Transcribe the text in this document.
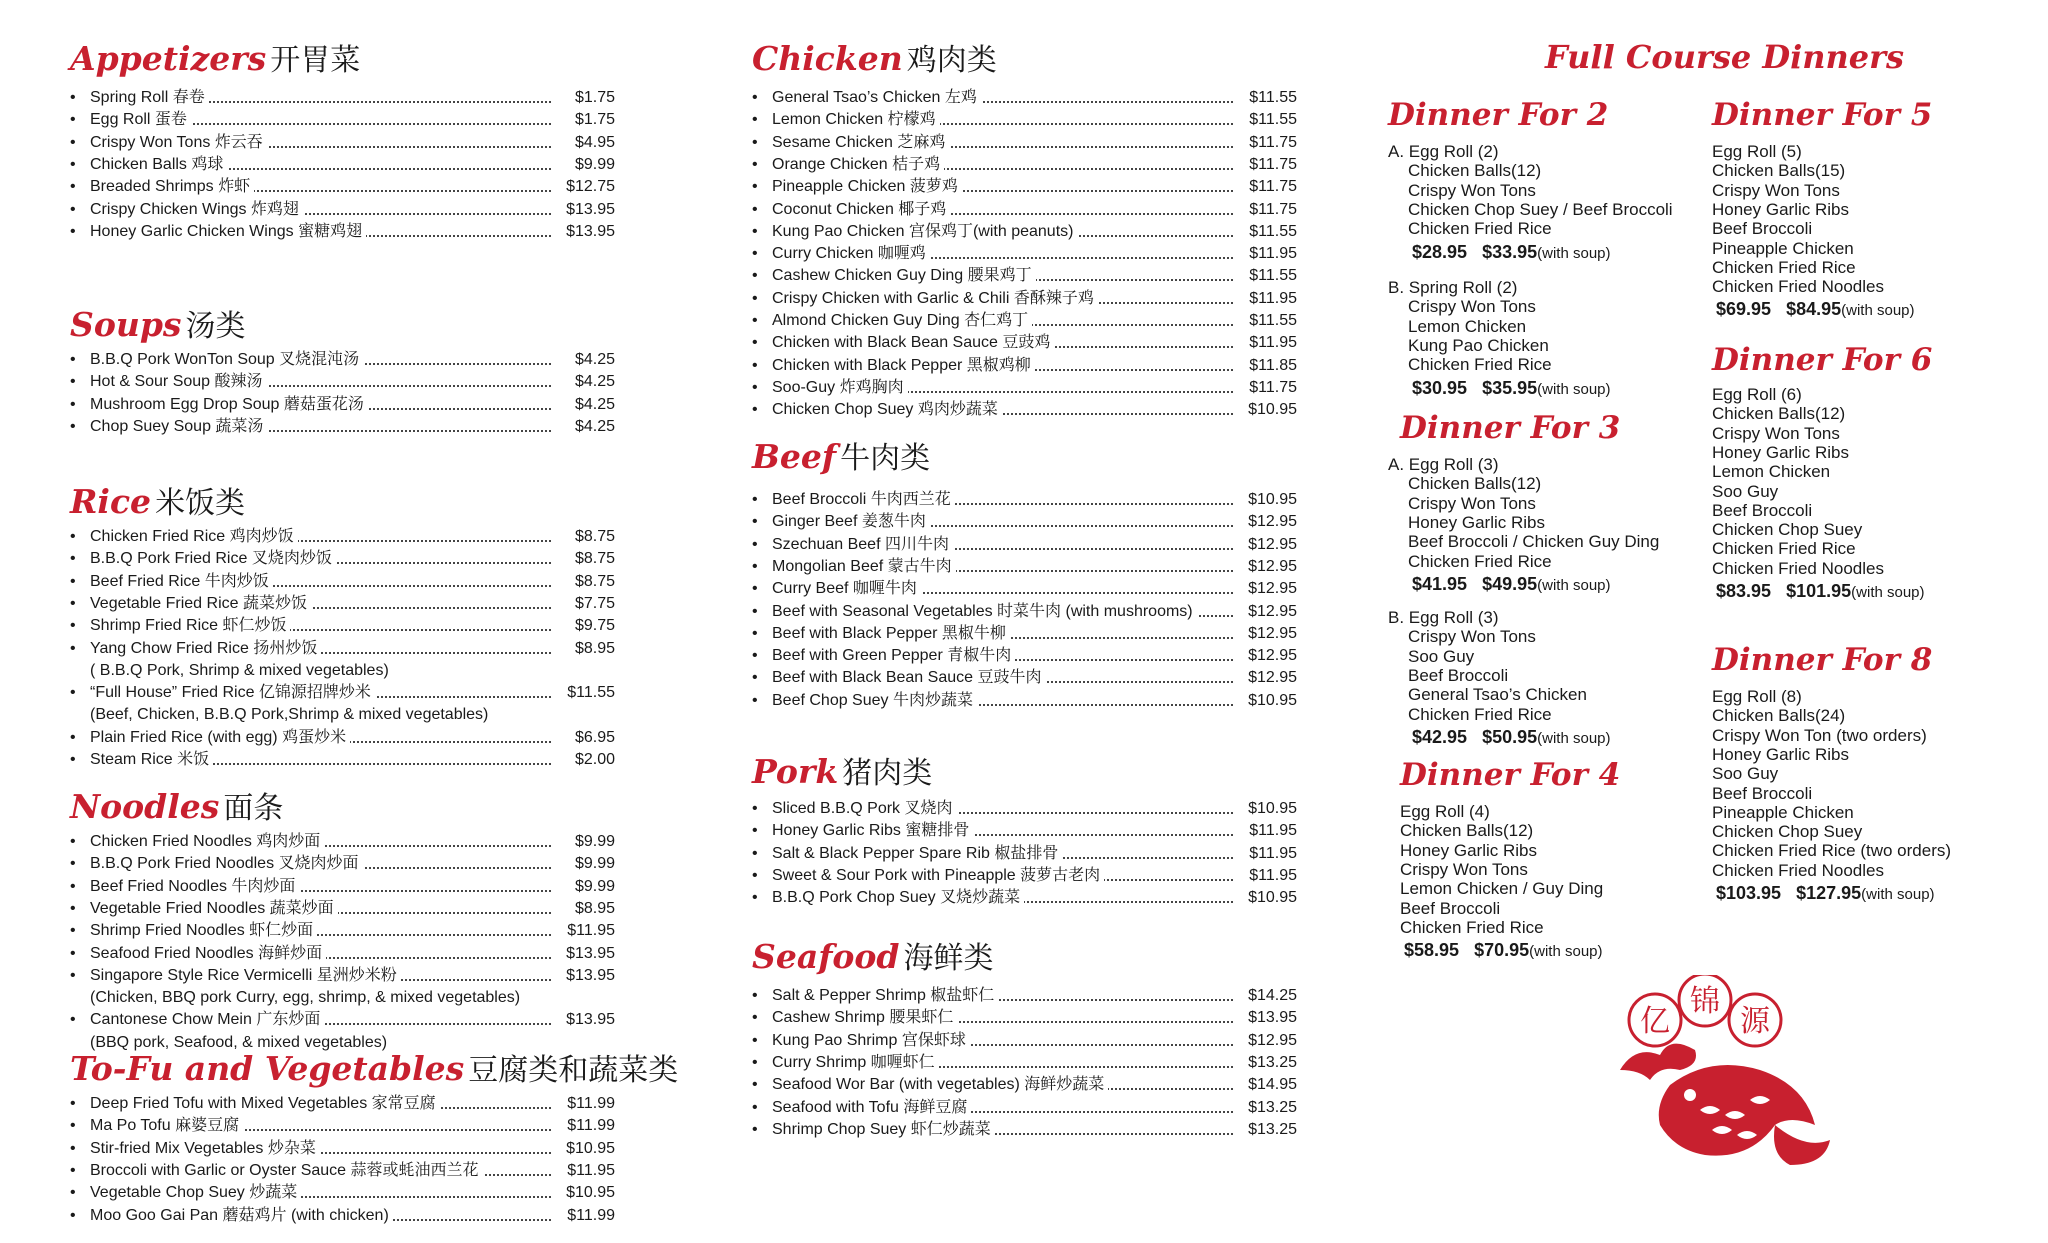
Appetizers 开胃菜
• Spring Roll 春卷	$1.75
• Egg Roll 蛋卷	$1.75
• Crispy Won Tons 炸云吞	$4.95
• Chicken Balls 鸡球	$9.99
• Breaded Shrimps 炸虾	$12.75
• Crispy Chicken Wings 炸鸡翅	$13.95
• Honey Garlic Chicken Wings 蜜糖鸡翅	$13.95
Soups 汤类
• B.B.Q Pork WonTon Soup 叉烧混沌汤	$4.25
• Hot & Sour Soup 酸辣汤	$4.25
• Mushroom Egg Drop Soup 蘑菇蛋花汤	$4.25
• Chop Suey Soup 蔬菜汤	$4.25
Rice 米饭类
• Chicken Fried Rice 鸡肉炒饭	$8.75
• B.B.Q Pork Fried Rice 叉烧肉炒饭	$8.75
• Beef Fried Rice 牛肉炒饭	$8.75
• Vegetable Fried Rice 蔬菜炒饭	$7.75
• Shrimp Fried Rice 虾仁炒饭	$9.75
• Yang Chow Fried Rice 扬州炒饭	$8.95
( B.B.Q Pork, Shrimp & mixed vegetables)
• “Full House” Fried Rice 亿锦源招牌炒米	$11.55
(Beef, Chicken, B.B.Q Pork,Shrimp & mixed vegetables)
• Plain Fried Rice (with egg) 鸡蛋炒米	$6.95
• Steam Rice 米饭	$2.00
Noodles 面条
• Chicken Fried Noodles 鸡肉炒面	$9.99
• B.B.Q Pork Fried Noodles 叉烧肉炒面	$9.99
• Beef Fried Noodles 牛肉炒面	$9.99
• Vegetable Fried Noodles 蔬菜炒面	$8.95
• Shrimp Fried Noodles 虾仁炒面	$11.95
• Seafood Fried Noodles 海鲜炒面	$13.95
• Singapore Style Rice Vermicelli 星洲炒米粉	$13.95
(Chicken, BBQ pork Curry, egg, shrimp, & mixed vegetables)
• Cantonese Chow Mein 广东炒面	$13.95
(BBQ pork, Seafood, & mixed vegetables)
To-Fu and Vegetables 豆腐类和蔬菜类
• Deep Fried Tofu with Mixed Vegetables 家常豆腐	$11.99
• Ma Po Tofu 麻婆豆腐	$11.99
• Stir-fried Mix Vegetables 炒杂菜	$10.95
• Broccoli with Garlic or Oyster Sauce 蒜蓉或蚝油西兰花	$11.95
• Vegetable Chop Suey 炒蔬菜	$10.95
• Moo Goo Gai Pan 蘑菇鸡片 (with chicken)	$11.99
Chicken 鸡肉类
• General Tsao’s Chicken 左鸡	$11.55
• Lemon Chicken 柠檬鸡	$11.55
• Sesame Chicken 芝麻鸡	$11.75
• Orange Chicken 桔子鸡	$11.75
• Pineapple Chicken 菠萝鸡	$11.75
• Coconut Chicken 椰子鸡	$11.75
• Kung Pao Chicken 宫保鸡丁(with peanuts)	$11.55
• Curry Chicken 咖喱鸡	$11.95
• Cashew Chicken Guy Ding 腰果鸡丁	$11.55
• Crispy Chicken with Garlic & Chili 香酥辣子鸡	$11.95
• Almond Chicken Guy Ding 杏仁鸡丁	$11.55
• Chicken with Black Bean Sauce 豆豉鸡	$11.95
• Chicken with Black Pepper 黑椒鸡柳	$11.85
• Soo-Guy 炸鸡胸肉	$11.75
• Chicken Chop Suey 鸡肉炒蔬菜	$10.95
Beef 牛肉类
• Beef Broccoli 牛肉西兰花	$10.95
• Ginger Beef 姜葱牛肉	$12.95
• Szechuan Beef 四川牛肉	$12.95
• Mongolian Beef 蒙古牛肉	$12.95
• Curry Beef 咖喱牛肉	$12.95
• Beef with Seasonal Vegetables 时菜牛肉 (with mushrooms)	$12.95
• Beef with Black Pepper 黑椒牛柳	$12.95
• Beef with Green Pepper 青椒牛肉	$12.95
• Beef with Black Bean Sauce 豆豉牛肉	$12.95
• Beef Chop Suey 牛肉炒蔬菜	$10.95
Pork 猪肉类
• Sliced B.B.Q Pork 叉烧肉	$10.95
• Honey Garlic Ribs 蜜糖排骨	$11.95
• Salt & Black Pepper Spare Rib 椒盐排骨	$11.95
• Sweet & Sour Pork with Pineapple 菠萝古老肉	$11.95
• B.B.Q Pork Chop Suey 叉烧炒蔬菜	$10.95
Seafood 海鲜类
• Salt & Pepper Shrimp 椒盐虾仁	$14.25
• Cashew Shrimp 腰果虾仁	$13.95
• Kung Pao Shrimp 宫保虾球	$12.95
• Curry Shrimp 咖喱虾仁	$13.25
• Seafood Wor Bar (with vegetables) 海鲜炒蔬菜	$14.95
• Seafood with Tofu 海鲜豆腐	$13.25
• Shrimp Chop Suey 虾仁炒蔬菜	$13.25
Full Course Dinners
Dinner For 2
A. Egg Roll (2)
Chicken Balls(12)
Crispy Won Tons
Chicken Chop Suey / Beef Broccoli
Chicken Fried Rice
$28.95 $33.95(with soup)
B. Spring Roll (2)
Crispy Won Tons
Lemon Chicken
Kung Pao Chicken
Chicken Fried Rice
$30.95 $35.95(with soup)
Dinner For 3
A. Egg Roll (3)
Chicken Balls(12)
Crispy Won Tons
Honey Garlic Ribs
Beef Broccoli / Chicken Guy Ding
Chicken Fried Rice
$41.95 $49.95(with soup)
B. Egg Roll (3)
Crispy Won Tons
Soo Guy
Beef Broccoli
General Tsao’s Chicken
Chicken Fried Rice
$42.95 $50.95(with soup)
Dinner For 4
Egg Roll (4)
Chicken Balls(12)
Honey Garlic Ribs
Crispy Won Tons
Lemon Chicken / Guy Ding
Beef Broccoli
Chicken Fried Rice
$58.95 $70.95(with soup)
Dinner For 5
Egg Roll (5)
Chicken Balls(15)
Crispy Won Tons
Honey Garlic Ribs
Beef Broccoli
Pineapple Chicken
Chicken Fried Rice
Chicken Fried Noodles
$69.95 $84.95(with soup)
Dinner For 6
Egg Roll (6)
Chicken Balls(12)
Crispy Won Tons
Honey Garlic Ribs
Lemon Chicken
Soo Guy
Beef Broccoli
Chicken Chop Suey
Chicken Fried Rice
Chicken Fried Noodles
$83.95 $101.95(with soup)
Dinner For 8
Egg Roll (8)
Chicken Balls(24)
Crispy Won Ton (two orders)
Honey Garlic Ribs
Soo Guy
Beef Broccoli
Pineapple Chicken
Chicken Chop Suey
Chicken Fried Rice (two orders)
Chicken Fried Noodles
$103.95 $127.95(with soup)
亿
锦
源
